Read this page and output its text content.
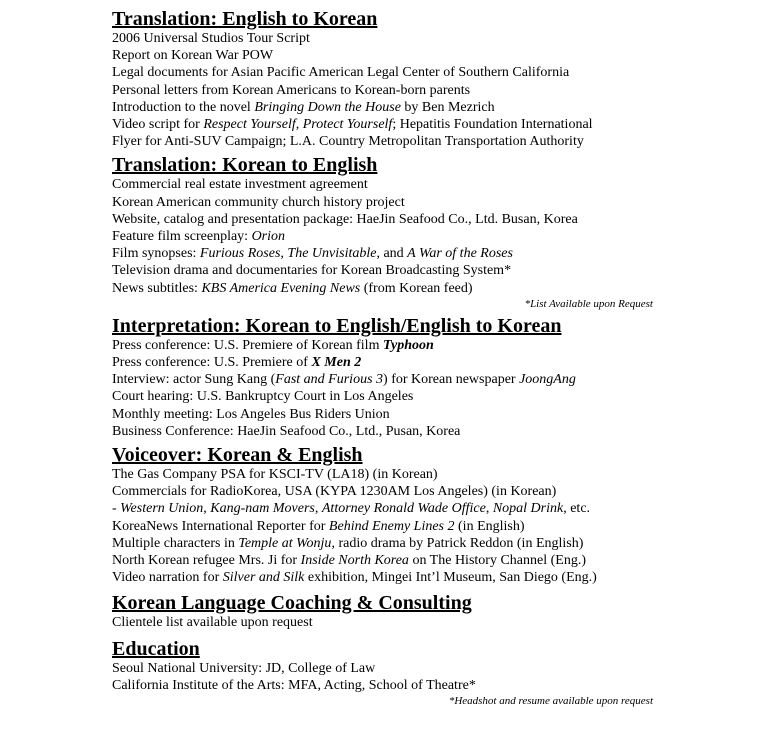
Translation: English to Korean
2006 Universal Studios Tour Script
Report on Korean War POW
Legal documents for Asian Pacific American Legal Center of Southern California
Personal letters from Korean Americans to Korean-born parents
Introduction to the novel Bringing Down the House by Ben Mezrich
Video script for Respect Yourself, Protect Yourself; Hepatitis Foundation International
Flyer for Anti-SUV Campaign; L.A. Country Metropolitan Transportation Authority
Translation: Korean to English
Commercial real estate investment agreement
Korean American community church history project
Website, catalog and presentation package: HaeJin Seafood Co., Ltd. Busan, Korea
Feature film screenplay: Orion
Film synopses: Furious Roses, The Unvisitable, and A War of the Roses
Television drama and documentaries for Korean Broadcasting System*
News subtitles: KBS America Evening News (from Korean feed)
*List Available upon Request
Interpretation: Korean to English/English to Korean
Press conference: U.S. Premiere of Korean film Typhoon
Press conference: U.S. Premiere of X Men 2
Interview: actor Sung Kang (Fast and Furious 3) for Korean newspaper JoongAng
Court hearing: U.S. Bankruptcy Court in Los Angeles
Monthly meeting: Los Angeles Bus Riders Union
Business Conference: HaeJin Seafood Co., Ltd., Pusan, Korea
Voiceover: Korean & English
The Gas Company PSA for KSCI-TV (LA18) (in Korean)
Commercials for RadioKorea, USA (KYPA 1230AM Los Angeles) (in Korean)
- Western Union, Kang-nam Movers, Attorney Ronald Wade Office, Nopal Drink, etc.
KoreaNews International Reporter for Behind Enemy Lines 2 (in English)
Multiple characters in Temple at Wonju, radio drama by Patrick Reddon (in English)
North Korean refugee Mrs. Ji for Inside North Korea on The History Channel (Eng.)
Video narration for Silver and Silk exhibition, Mingei Int’l Museum, San Diego (Eng.)
Korean Language Coaching & Consulting
Clientele list available upon request
Education
Seoul National University: JD, College of Law
California Institute of the Arts: MFA, Acting, School of Theatre*
*Headshot and resume available upon request
